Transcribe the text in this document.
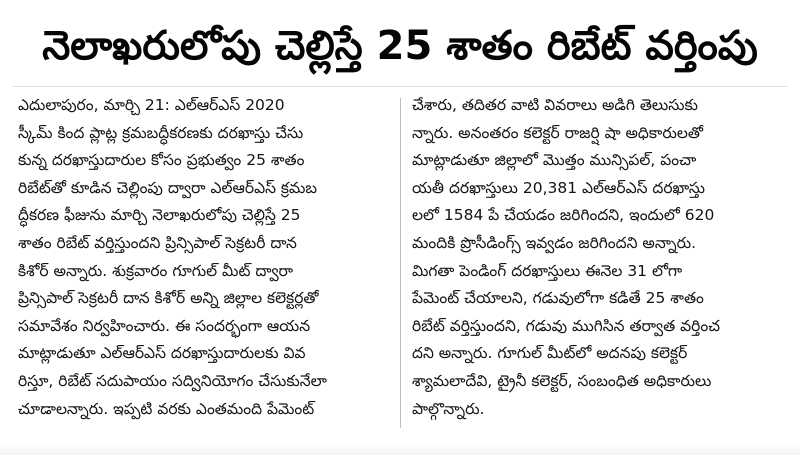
నెలాఖరులోపు చెల్లిస్తే 25 శాతం రిబేట్ వర్తింపు
ఎదులాపురం, మార్చి 21: ఎల్ఆర్ఎస్ 2020
స్కీమ్ కింద ప్లాట్ల క్రమబద్ధీకరణకు దరఖాస్తు చేసు
కున్న దరఖాస్తుదారుల కోసం ప్రభుత్వం 25 శాతం
రిబేట్‌తో కూడిన చెల్లింపు ద్వారా ఎల్ఆర్ఎస్ క్రమబ
ద్ధీకరణ ఫీజును మార్చి నెలాఖరులోపు చెల్లిస్తే 25
శాతం రిబేట్ వర్తిస్తుందని ప్రిన్సిపాల్ సెక్రటరీ దాన
కిశోర్ అన్నారు. శుక్రవారం గూగుల్ మీట్ ద్వారా
ప్రిన్సిపాల్ సెక్రటరీ దాన కిశోర్ అన్ని జిల్లాల కలెక్టర్లతో
సమావేశం నిర్వహించారు. ఈ సందర్భంగా ఆయన
మాట్లాడుతూ ఎల్ఆర్ఎస్ దరఖాస్తుదారులకు వివ
రిస్తూ, రిబేట్ సదుపాయం సద్వినియోగం చేసుకునేలా
చూడాలన్నారు. ఇప్పటి వరకు ఎంతమంది పేమెంట్
చేశారు, తదితర వాటి వివరాలు అడిగి తెలుసుకు
న్నారు. అనంతరం కలెక్టర్ రాజర్షి షా అధికారులతో
మాట్లాడుతూ జిల్లాలో మొత్తం మున్సిపల్, పంచా
యతీ దరఖాస్తులు 20,381 ఎల్ఆర్ఎస్ దరఖాస్తు
లలో 1584 పే చేయడం జరిగిందని, ఇందులో 620
మందికి ప్రొసీడింగ్స్ ఇవ్వడం జరిగిందని అన్నారు.
మిగతా పెండింగ్ దరఖాస్తులు ఈనెల 31 లోగా
పేమెంట్ చేయాలని, గడువులోగా కడితే 25 శాతం
రిబేట్ వర్తిస్తుందని, గడువు ముగిసిన తర్వాత వర్తించ
దని అన్నారు. గూగుల్ మీట్‌లో అదనపు కలెక్టర్
శ్యామలాదేవి, ట్రైనీ కలెక్టర్, సంబంధిత అధికారులు
పాల్గొన్నారు.
